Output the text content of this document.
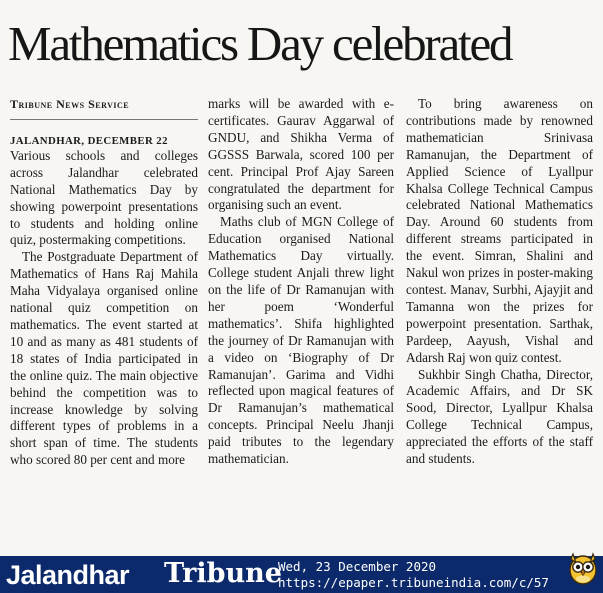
Mathematics Day celebrated
Tribune News Service
JALANDHAR, DECEMBER 22

Various schools and colleges across Jalandhar celebrated National Mathematics Day by showing powerpoint presentations to students and holding online quiz, postermaking competitions.

The Postgraduate Department of Mathematics of Hans Raj Mahila Maha Vidyalaya organised online national quiz competition on mathematics. The event started at 10 and as many as 481 students of 18 states of India participated in the online quiz. The main objective behind the competition was to increase knowledge by solving different types of problems in a short span of time. The students who scored 80 per cent and more

marks will be awarded with e-certificates. Gaurav Aggarwal of GNDU, and Shikha Verma of GGSSS Barwala, scored 100 per cent. Principal Prof Ajay Sareen congratulated the department for organising such an event.

Maths club of MGN College of Education organised National Mathematics Day virtually. College student Anjali threw light on the life of Dr Ramanujan with her poem ‘Wonderful mathematics’. Shifa highlighted the journey of Dr Ramanujan with a video on ‘Biography of Dr Ramanujan’. Garima and Vidhi reflected upon magical features of Dr Ramanujan’s mathematical concepts. Principal Neelu Jhanji paid tributes to the legendary mathematician.

To bring awareness on contributions made by renowned mathematician Srinivasa Ramanujan, the Department of Applied Science of Lyallpur Khalsa College Technical Campus celebrated National Mathematics Day. Around 60 students from different streams participated in the event. Simran, Shalini and Nakul won prizes in poster-making contest. Manav, Surbhi, Ajayjit and Tamanna won the prizes for powerpoint presentation. Sarthak, Pardeep, Aayush, Vishal and Adarsh Raj won quiz contest.

Sukhbir Singh Chatha, Director, Academic Affairs, and Dr SK Sood, Director, Lyallpur Khalsa College Technical Campus, appreciated the efforts of the staff and students.

Jalandhar Tribune
Wed, 23 December 2020
https://epaper.tribuneindia.com/c/57
